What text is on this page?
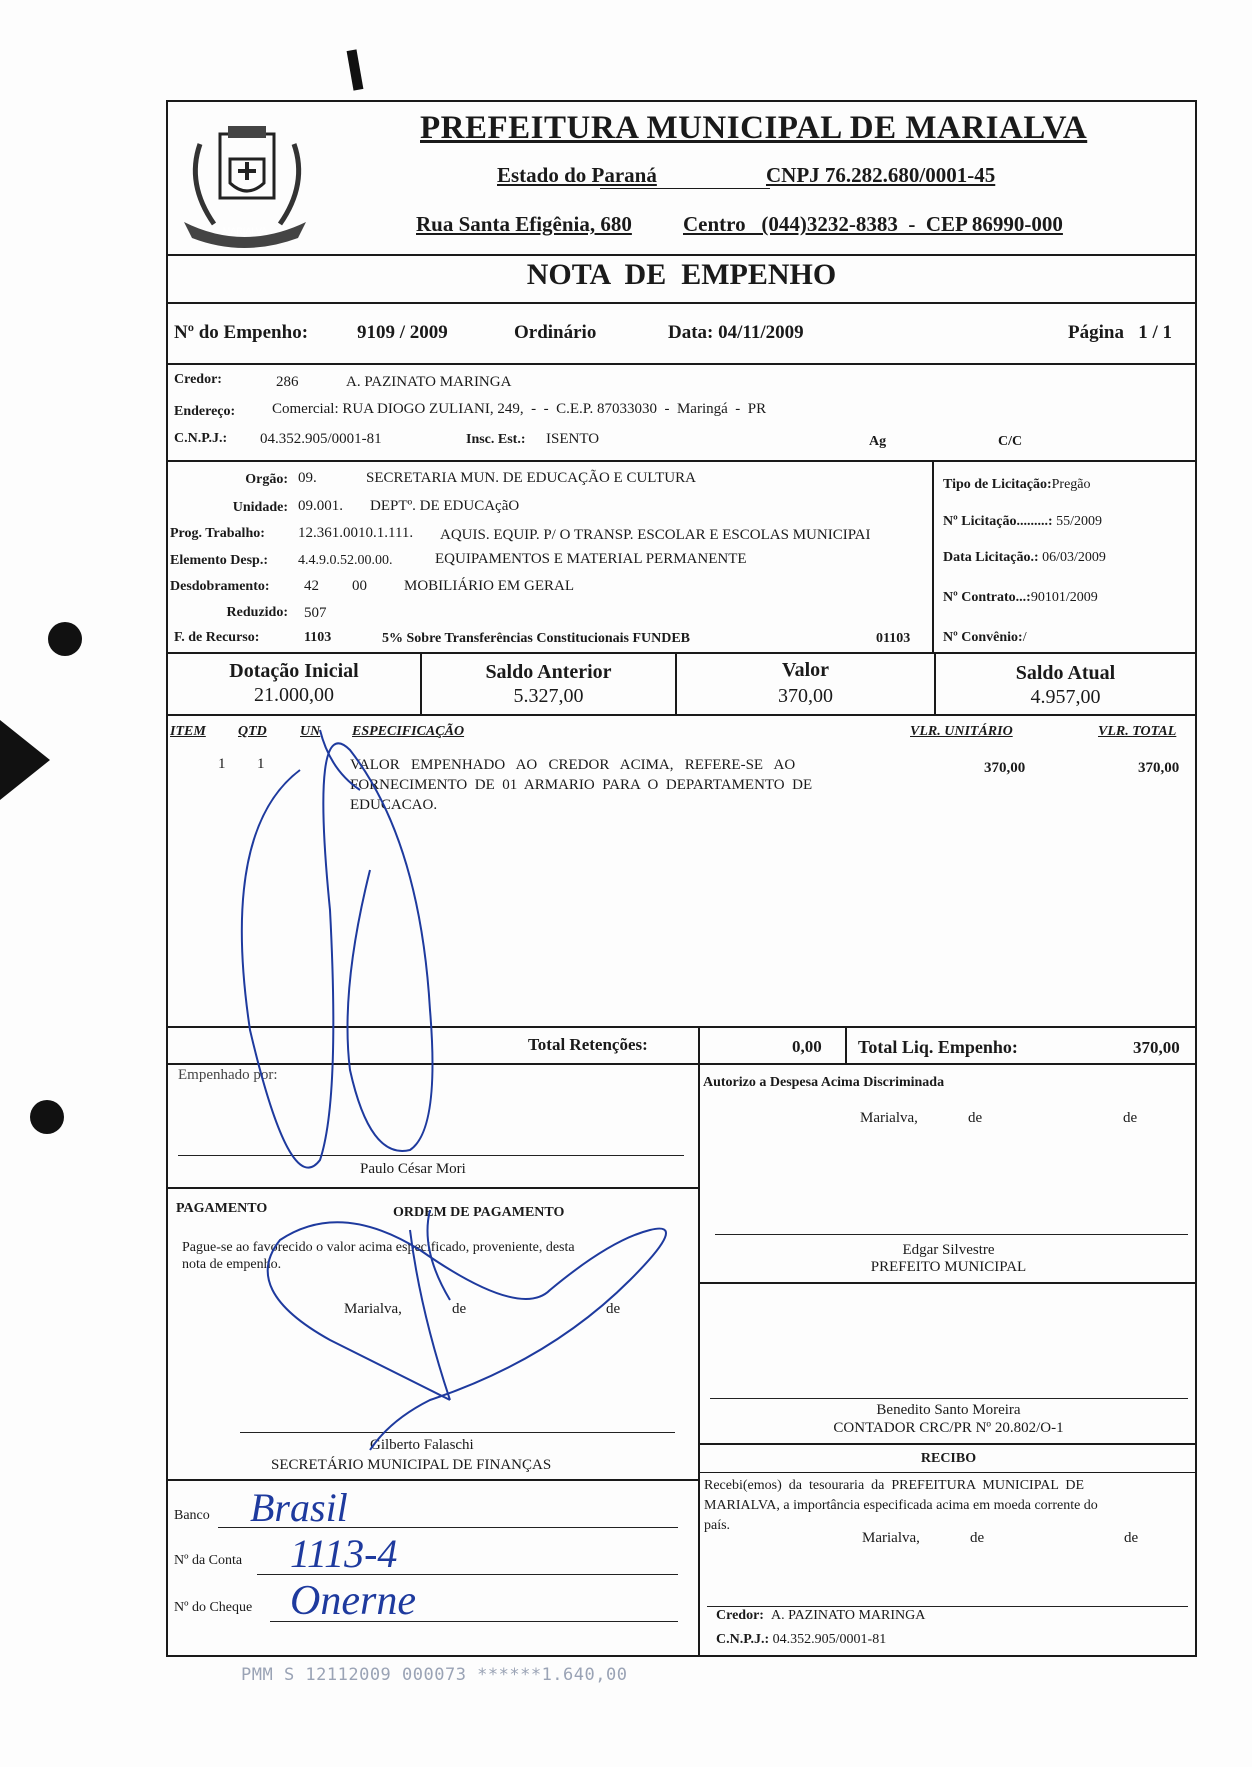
MARIALVA
PREFEITURA MUNICIPAL DE MARIALVA
Estado do Paraná	CNPJ 76.282.680/0001-45
Rua Santa Efigênia, 680 Centro   (044)3232-8383  -  CEP 86990-000
NOTA  DE  EMPENHO
Nº do Empenho:	9109 / 2009	Ordinário	Data: 04/11/2009	Página   1 / 1
Credor:	286	A. PAZINATO MARINGA
Endereço: Comercial: RUA DIOGO ZULIANI, 249,  -  -  C.E.P. 87033030  -  Maringá  -  PR
C.N.P.J.: 04.352.905/0001-81	Insc. Est.: ISENTO	Ag	C/C
Orgão: 09.	SECRETARIA MUN. DE EDUCAÇÃO E CULTURA
Unidade: 09.001. DEPTº. DE EDUCAçãO
Prog. Trabalho: 12.361.0010.1.111. AQUIS. EQUIP. P/ O TRANSP. ESCOLAR E ESCOLAS MUNICIPAI
Elemento Desp.: 4.4.9.0.52.00.00.	EQUIPAMENTOS E MATERIAL PERMANENTE
Desdobramento: 42 00 MOBILIÁRIO EM GERAL
Reduzido: 507
F. de Recurso:	1103	5% Sobre Transferências Constitucionais FUNDEB	01103
Tipo de Licitação:Pregão
Nº Licitação.........: 55/2009
Data Licitação.: 06/03/2009
Nº Contrato...:90101/2009
Nº Convênio:/
Dotação Inicial
21.000,00
Saldo Anterior
5.327,00
Valor
370,00
Saldo Atual
4.957,00
ITEM QTD UN ESPECIFICAÇÃO	VLR. UNITÁRIO	VLR. TOTAL
1 1	VALOR   EMPENHADO   AO   CREDOR   ACIMA,   REFERE-SE   AO
FORNECIMENTO  DE  01  ARMARIO  PARA  O  DEPARTAMENTO  DE
EDUCACAO.
370,00	370,00
Total Retenções:	0,00 Total Liq. Empenho:	370,00
Empenhado por:
Paulo César Mori
Autorizo a Despesa Acima Discriminada
Marialva,	de	de
Edgar Silvestre
PREFEITO MUNICIPAL
Benedito Santo Moreira
CONTADOR CRC/PR Nº 20.802/O-1
PAGAMENTO	ORDEM DE PAGAMENTO
Pague-se ao favorecido o valor acima especificado, proveniente, desta
nota de empenho.
Marialva,	de	de
Gilberto Falaschi
SECRETÁRIO MUNICIPAL DE FINANÇAS
Banco Brasil
Nº da Conta 1113-4
Nº do Cheque Onerne
RECIBO
Recebi(emos)  da  tesouraria  da  PREFEITURA  MUNICIPAL  DE
MARIALVA, a importância especificada acima em moeda corrente do
país.
Marialva,	de	de
Credor: A. PAZINATO MARINGA
C.N.P.J.: 04.352.905/0001-81
PMM S 12112009 000073 ******1.640,00
